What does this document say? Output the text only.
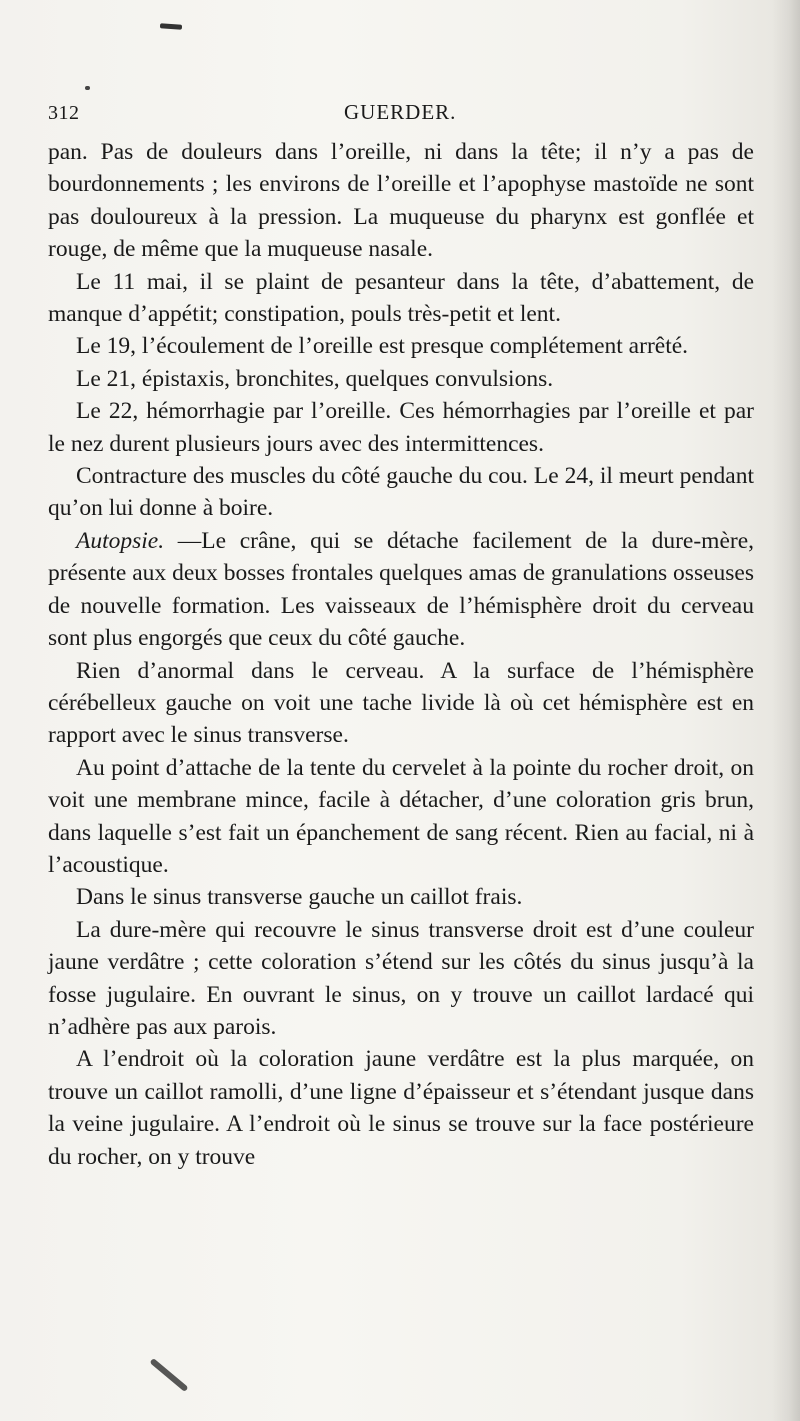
312	GUERDER.

pan. Pas de douleurs dans l’oreille, ni dans la tête; il n’y a pas de bourdonnements ; les environs de l’oreille et l’apophyse mastoïde ne sont pas douloureux à la pression. La muqueuse du pharynx est gonflée et rouge, de même que la muqueuse nasale.

Le 11 mai, il se plaint de pesanteur dans la tête, d’abattement, de manque d’appétit; constipation, pouls très-petit et lent.

Le 19, l’écoulement de l’oreille est presque complétement arrêté.

Le 21, épistaxis, bronchites, quelques convulsions.

Le 22, hémorrhagie par l’oreille. Ces hémorrhagies par l’oreille et par le nez durent plusieurs jours avec des intermittences.

Contracture des muscles du côté gauche du cou. Le 24, il meurt pendant qu’on lui donne à boire.

Autopsie. —Le crâne, qui se détache facilement de la dure-mère, présente aux deux bosses frontales quelques amas de granulations osseuses de nouvelle formation. Les vaisseaux de l’hémisphère droit du cerveau sont plus engorgés que ceux du côté gauche.

Rien d’anormal dans le cerveau. A la surface de l’hémisphère cérébelleux gauche on voit une tache livide là où cet hémisphère est en rapport avec le sinus transverse.

Au point d’attache de la tente du cervelet à la pointe du rocher droit, on voit une membrane mince, facile à détacher, d’une coloration gris brun, dans laquelle s’est fait un épanchement de sang récent. Rien au facial, ni à l’acoustique.

Dans le sinus transverse gauche un caillot frais.

La dure-mère qui recouvre le sinus transverse droit est d’une couleur jaune verdâtre ; cette coloration s’étend sur les côtés du sinus jusqu’à la fosse jugulaire. En ouvrant le sinus, on y trouve un caillot lardacé qui n’adhère pas aux parois.

A l’endroit où la coloration jaune verdâtre est la plus marquée, on trouve un caillot ramolli, d’une ligne d’épaisseur et s’étendant jusque dans la veine jugulaire. A l’endroit où le sinus se trouve sur la face postérieure du rocher, on y trouve
